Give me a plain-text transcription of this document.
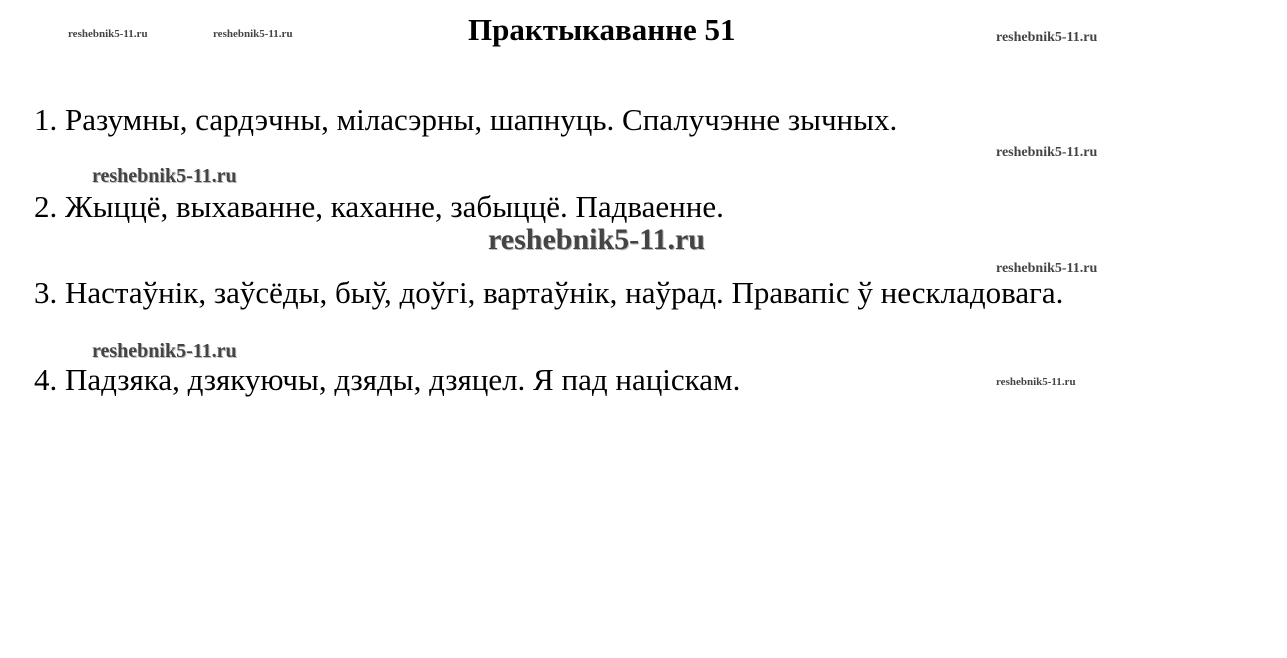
reshebnik5-11.ru	reshebnik5-11.ru	Практыкаванне 51	reshebnik5-11.ru
1. Разумны, сардэчны, міласэрны, шапнуць. Спалучэнне зычных.
reshebnik5-11.ru
reshebnik5-11.ru
2. Жыццё, выхаванне, каханне, забыццё. Падваенне.
reshebnik5-11.ru
reshebnik5-11.ru
3. Настаўнік, заўсёды, быў, доўгі, вартаўнік, наўрад. Правапіс ў нескладовага.
reshebnik5-11.ru
4. Падзяка, дзякуючы, дзяды, дзяцел. Я пад націскам.	reshebnik5-11.ru
